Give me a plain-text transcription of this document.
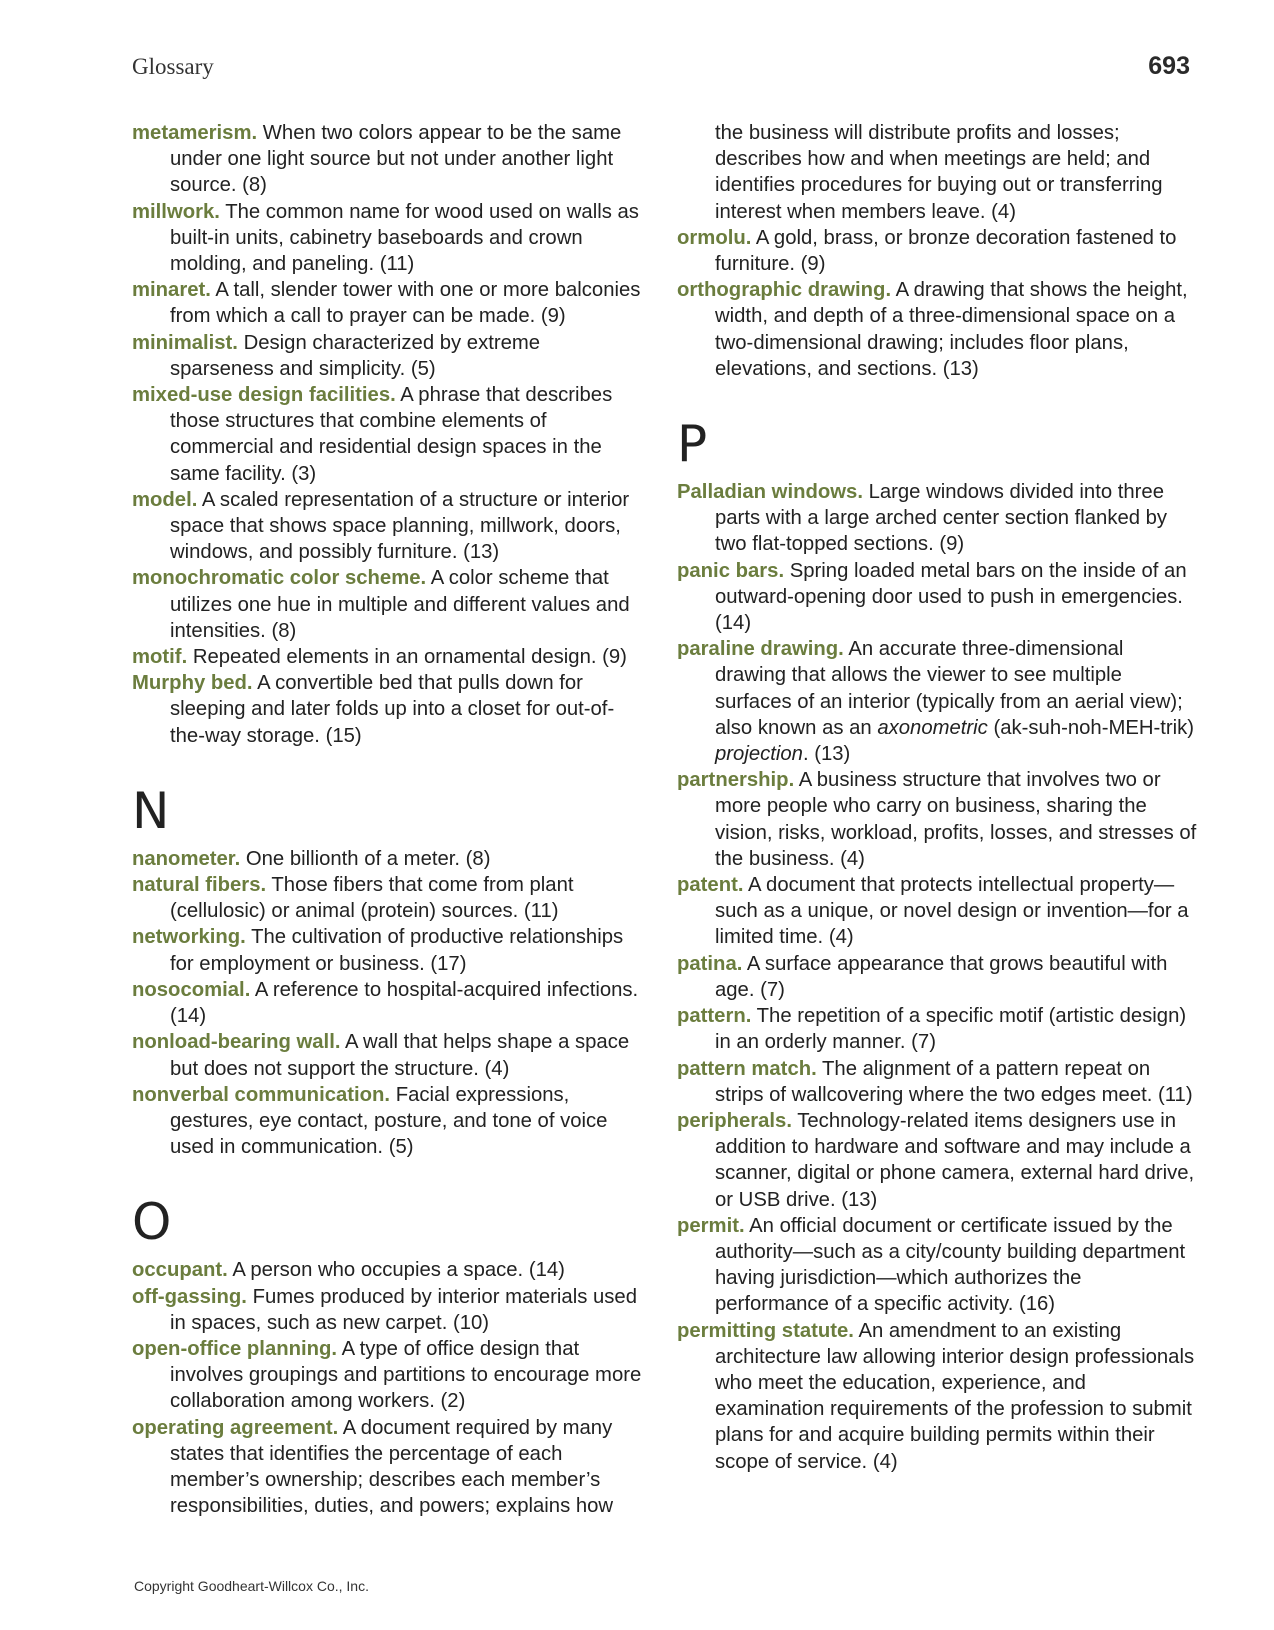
Glossary	693

metamerism. When two colors appear to be the same under one light source but not under another light source. (8)

millwork. The common name for wood used on walls as built-in units, cabinetry baseboards and crown molding, and paneling. (11)

minaret. A tall, slender tower with one or more balconies from which a call to prayer can be made. (9)

minimalist. Design characterized by extreme sparseness and simplicity. (5)

mixed-use design facilities. A phrase that describes those structures that combine elements of commercial and residential design spaces in the same facility. (3)

model. A scaled representation of a structure or interior space that shows space planning, millwork, doors, windows, and possibly furniture. (13)

monochromatic color scheme. A color scheme that utilizes one hue in multiple and different values and intensities. (8)

motif. Repeated elements in an ornamental design. (9)

Murphy bed. A convertible bed that pulls down for sleeping and later folds up into a closet for out-of-the-way storage. (15)

N

nanometer. One billionth of a meter. (8)

natural fibers. Those fibers that come from plant (cellulosic) or animal (protein) sources. (11)

networking. The cultivation of productive relationships for employment or business. (17)

nosocomial. A reference to hospital-acquired infections. (14)

nonload-bearing wall. A wall that helps shape a space but does not support the structure. (4)

nonverbal communication. Facial expressions, gestures, eye contact, posture, and tone of voice used in communication. (5)

O

occupant. A person who occupies a space. (14)

off-gassing. Fumes produced by interior materials used in spaces, such as new carpet. (10)

open-office planning. A type of office design that involves groupings and partitions to encourage more collaboration among workers. (2)

operating agreement. A document required by many states that identifies the percentage of each member’s ownership; describes each member’s responsibilities, duties, and powers; explains how

the business will distribute profits and losses; describes how and when meetings are held; and identifies procedures for buying out or transferring interest when members leave. (4)

ormolu. A gold, brass, or bronze decoration fastened to furniture. (9)

orthographic drawing. A drawing that shows the height, width, and depth of a three-dimensional space on a two-dimensional drawing; includes floor plans, elevations, and sections. (13)

P

Palladian windows. Large windows divided into three parts with a large arched center section flanked by two flat-topped sections. (9)

panic bars. Spring loaded metal bars on the inside of an outward-opening door used to push in emergencies. (14)

paraline drawing. An accurate three-dimensional drawing that allows the viewer to see multiple surfaces of an interior (typically from an aerial view); also known as an axonometric (ak-suh-noh-MEH-trik) projection. (13)

partnership. A business structure that involves two or more people who carry on business, sharing the vision, risks, workload, profits, losses, and stresses of the business. (4)

patent. A document that protects intellectual property—such as a unique, or novel design or invention—for a limited time. (4)

patina. A surface appearance that grows beautiful with age. (7)

pattern. The repetition of a specific motif (artistic design) in an orderly manner. (7)

pattern match. The alignment of a pattern repeat on strips of wallcovering where the two edges meet. (11)

peripherals. Technology-related items designers use in addition to hardware and software and may include a scanner, digital or phone camera, external hard drive, or USB drive. (13)

permit. An official document or certificate issued by the authority—such as a city/county building department having jurisdiction—which authorizes the performance of a specific activity. (16)

permitting statute. An amendment to an existing architecture law allowing interior design professionals who meet the education, experience, and examination requirements of the profession to submit plans for and acquire building permits within their scope of service. (4)

Copyright Goodheart-Willcox Co., Inc.
